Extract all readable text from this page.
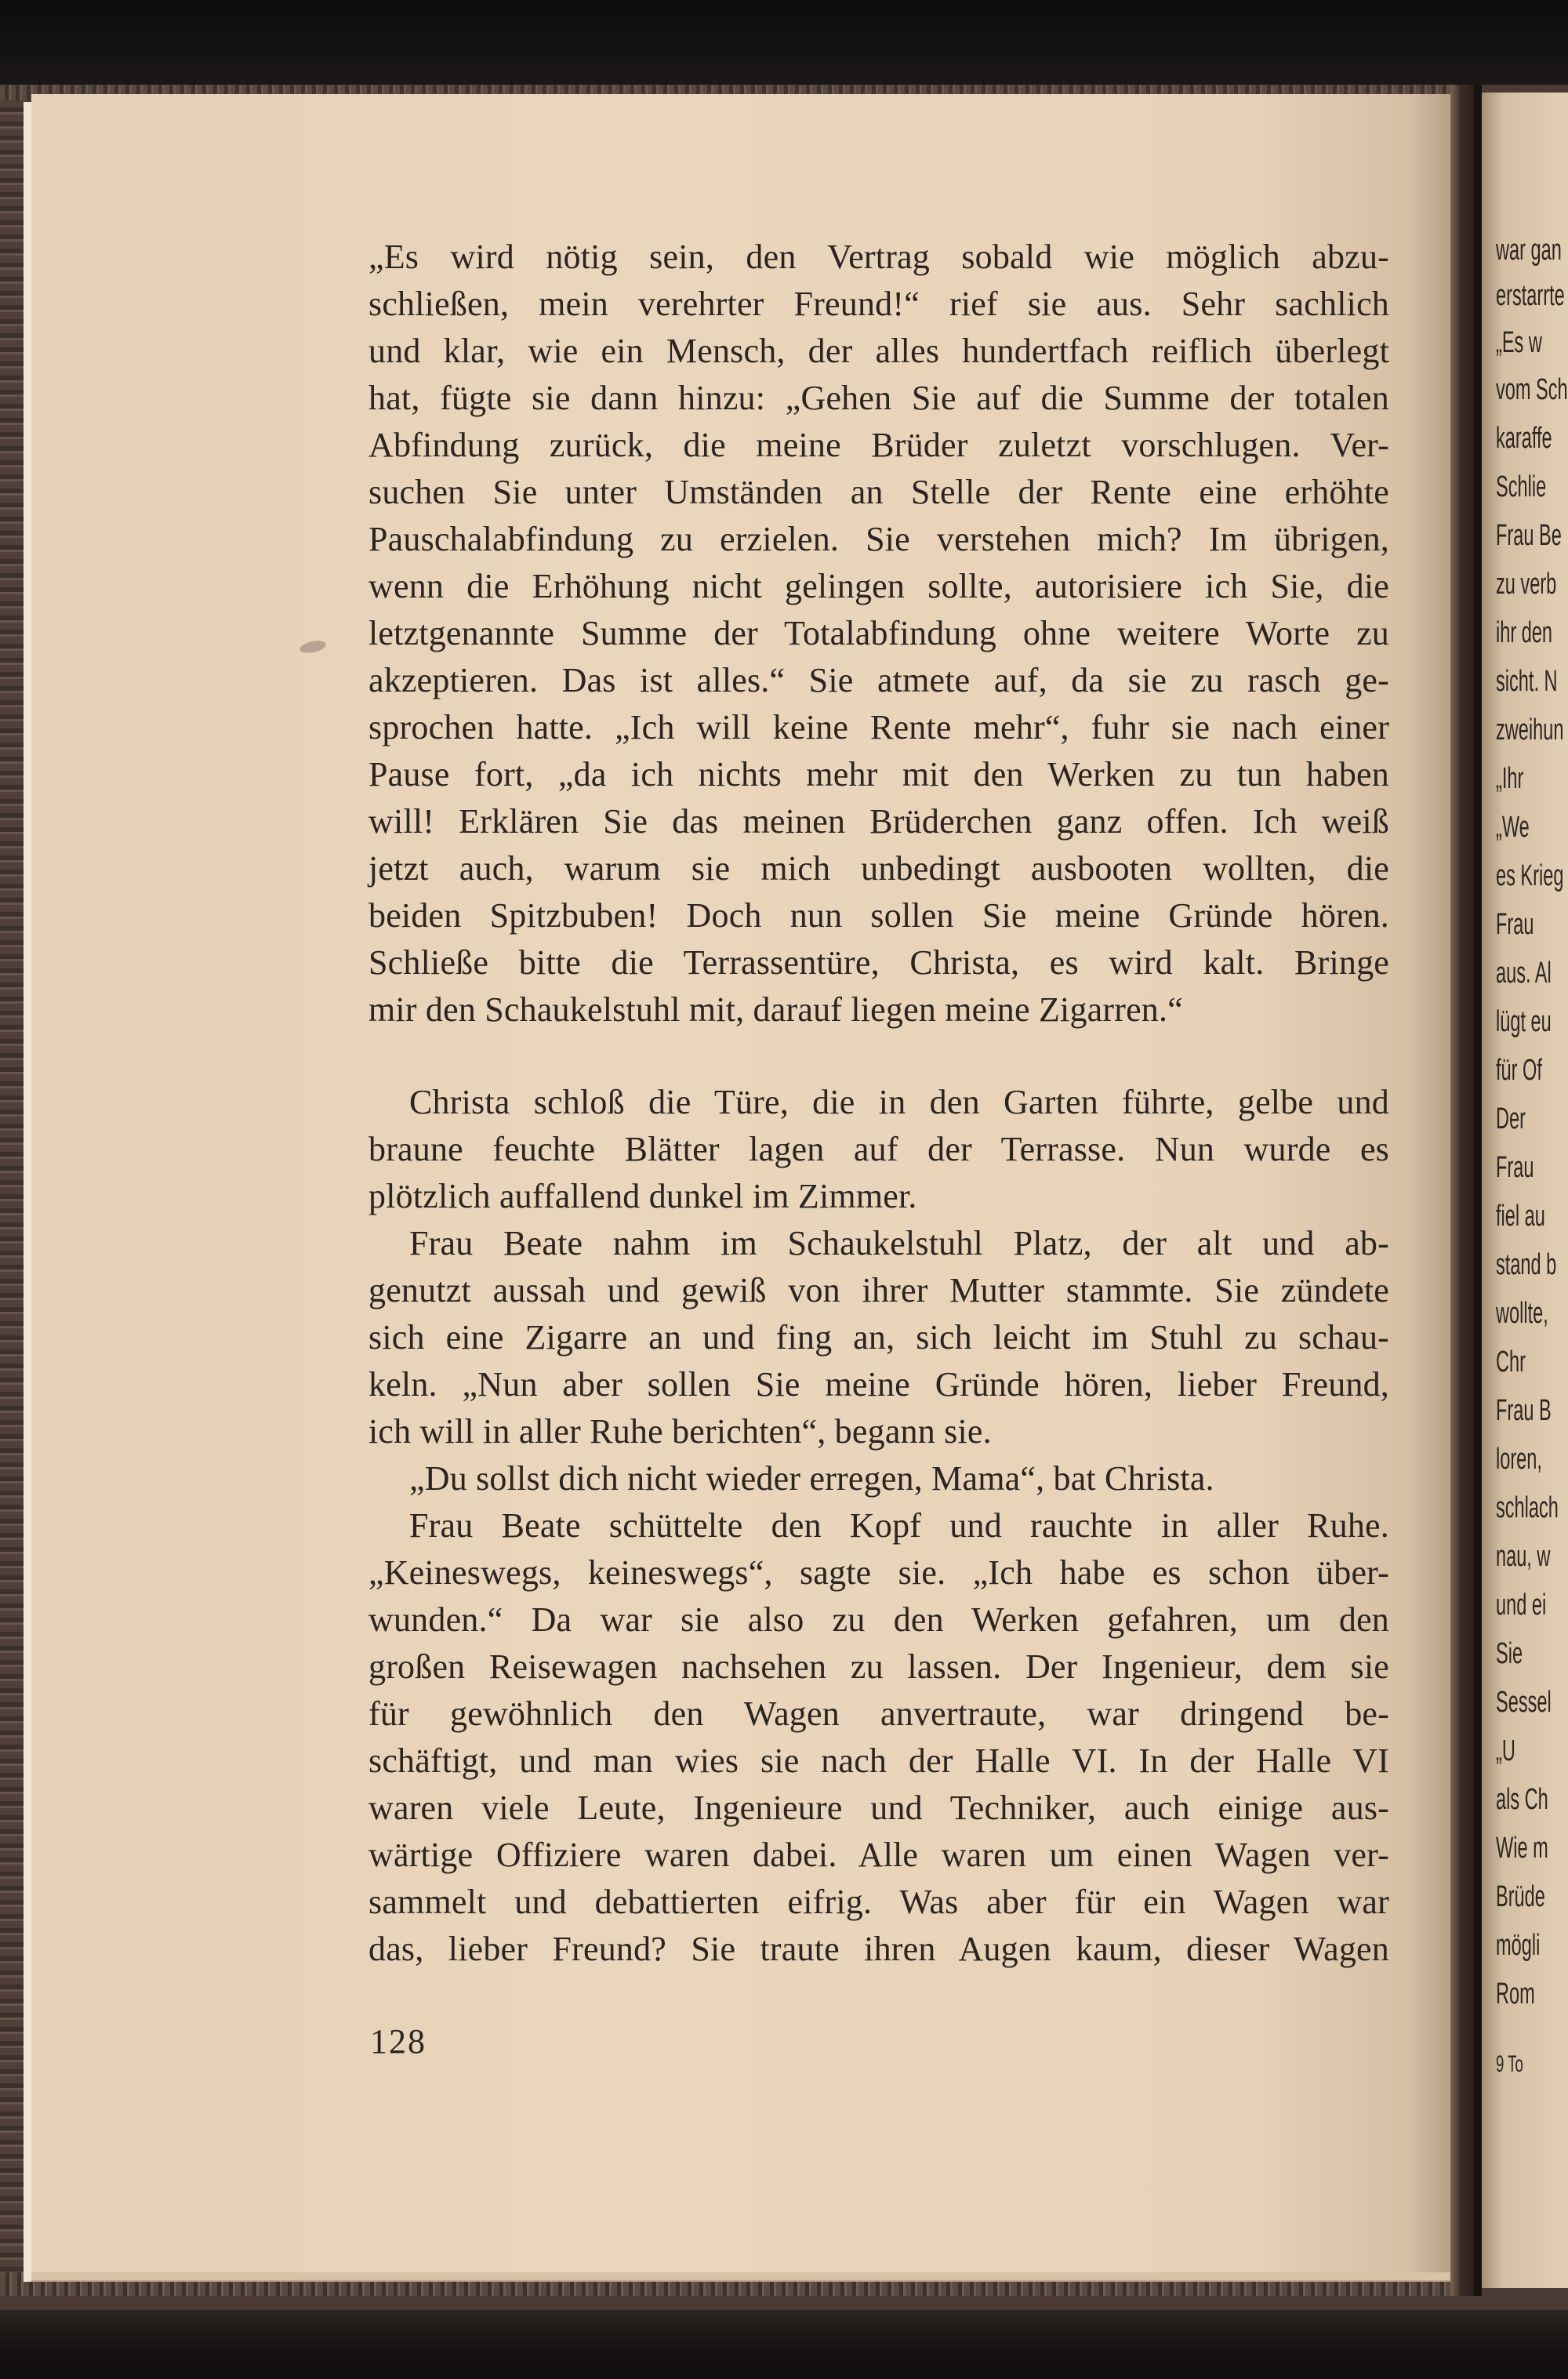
war gan
erstarrte
„Es w
vom Sch
karaffe
Schlie
Frau Be
zu verb
ihr den
sicht. N
zweihun
„Ihr
„We
es Krieg
Frau
aus. Al
lügt eu
für Of
Der
Frau
fiel au
stand b
wollte,
Chr
Frau B
loren,
schlach
nau, w
und ei
Sie
Sessel
„U
als Ch
Wie m
Brüde
mögli
Rom
9 To
„Es wird nötig sein, den Vertrag sobald wie möglich abzu-
schließen, mein verehrter Freund!“ rief sie aus. Sehr sachlich
und klar, wie ein Mensch, der alles hundertfach reiflich überlegt
hat, fügte sie dann hinzu: „Gehen Sie auf die Summe der totalen
Abfindung zurück, die meine Brüder zuletzt vorschlugen. Ver-
suchen Sie unter Umständen an Stelle der Rente eine erhöhte
Pauschalabfindung zu erzielen. Sie verstehen mich? Im übrigen,
wenn die Erhöhung nicht gelingen sollte, autorisiere ich Sie, die
letztgenannte Summe der Totalabfindung ohne weitere Worte zu
akzeptieren. Das ist alles.“ Sie atmete auf, da sie zu rasch ge-
sprochen hatte. „Ich will keine Rente mehr“, fuhr sie nach einer
Pause fort, „da ich nichts mehr mit den Werken zu tun haben
will! Erklären Sie das meinen Brüderchen ganz offen. Ich weiß
jetzt auch, warum sie mich unbedingt ausbooten wollten, die
beiden Spitzbuben! Doch nun sollen Sie meine Gründe hören.
Schließe bitte die Terrassentüre, Christa, es wird kalt. Bringe
mir den Schaukelstuhl mit, darauf liegen meine Zigarren.“
Christa schloß die Türe, die in den Garten führte, gelbe und
braune feuchte Blätter lagen auf der Terrasse. Nun wurde es
plötzlich auffallend dunkel im Zimmer.
Frau Beate nahm im Schaukelstuhl Platz, der alt und ab-
genutzt aussah und gewiß von ihrer Mutter stammte. Sie zündete
sich eine Zigarre an und fing an, sich leicht im Stuhl zu schau-
keln. „Nun aber sollen Sie meine Gründe hören, lieber Freund,
ich will in aller Ruhe berichten“, begann sie.
„Du sollst dich nicht wieder erregen, Mama“, bat Christa.
Frau Beate schüttelte den Kopf und rauchte in aller Ruhe.
„Keineswegs, keineswegs“, sagte sie. „Ich habe es schon über-
wunden.“ Da war sie also zu den Werken gefahren, um den
großen Reisewagen nachsehen zu lassen. Der Ingenieur, dem sie
für gewöhnlich den Wagen anvertraute, war dringend be-
schäftigt, und man wies sie nach der Halle VI. In der Halle VI
waren viele Leute, Ingenieure und Techniker, auch einige aus-
wärtige Offiziere waren dabei. Alle waren um einen Wagen ver-
sammelt und debattierten eifrig. Was aber für ein Wagen war
das, lieber Freund? Sie traute ihren Augen kaum, dieser Wagen
128
